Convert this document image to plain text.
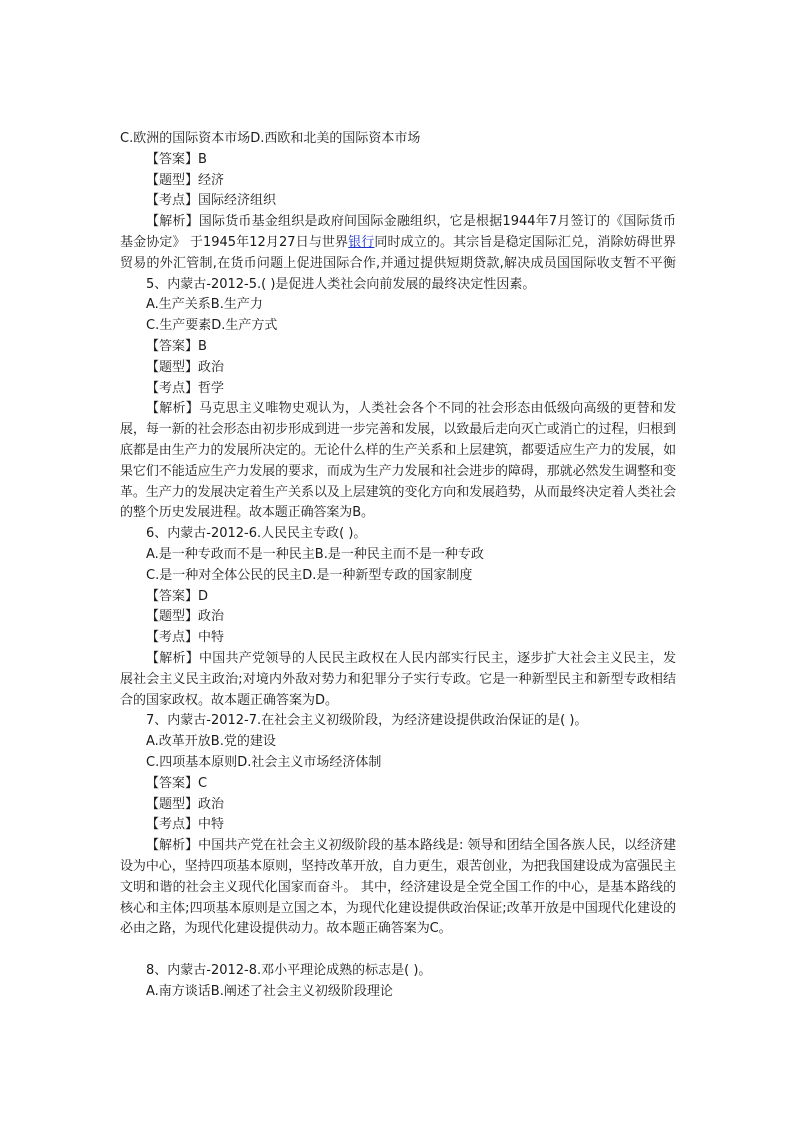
C.欧洲的国际资本市场D.西欧和北美的国际资本市场
【答案】B
【题型】经济
【考点】国际经济组织
【解析】国际货币基金组织是政府间国际金融组织，它是根据1944年7月签订的《国际货币基金协定》 于1945年12月27日与世界银行同时成立的。其宗旨是稳定国际汇兑，消除妨碍世界贸易的外汇管制,在货币问题上促进国际合作,并通过提供短期贷款,解决成员国国际收支暂不平衡
5、内蒙古-2012-5.( )是促进人类社会向前发展的最终决定性因素。
A.生产关系B.生产力
C.生产要素D.生产方式
【答案】B
【题型】政治
【考点】哲学
【解析】马克思主义唯物史观认为，人类社会各个不同的社会形态由低级向高级的更替和发展，每一新的社会形态由初步形成到进一步完善和发展，以致最后走向灭亡或消亡的过程，归根到底都是由生产力的发展所决定的。无论什么样的生产关系和上层建筑，都要适应生产力的发展，如果它们不能适应生产力发展的要求，而成为生产力发展和社会进步的障碍，那就必然发生调整和变革。生产力的发展决定着生产关系以及上层建筑的变化方向和发展趋势，从而最终决定着人类社会的整个历史发展进程。故本题正确答案为B。
6、内蒙古-2012-6.人民民主专政( )。
A.是一种专政而不是一种民主B.是一种民主而不是一种专政
C.是一种对全体公民的民主D.是一种新型专政的国家制度
【答案】D
【题型】政治
【考点】中特
【解析】中国共产党领导的人民民主政权在人民内部实行民主，逐步扩大社会主义民主，发展社会主义民主政治;对境内外敌对势力和犯罪分子实行专政。它是一种新型民主和新型专政相结合的国家政权。故本题正确答案为D。
7、内蒙古-2012-7.在社会主义初级阶段，为经济建设提供政治保证的是( )。
A.改革开放B.党的建设
C.四项基本原则D.社会主义市场经济体制
【答案】C
【题型】政治
【考点】中特
【解析】中国共产党在社会主义初级阶段的基本路线是: 领导和团结全国各族人民，以经济建设为中心，坚持四项基本原则，坚持改革开放，自力更生，艰苦创业，为把我国建设成为富强民主文明和谐的社会主义现代化国家而奋斗。 其中，经济建设是全党全国工作的中心，是基本路线的核心和主体;四项基本原则是立国之本，为现代化建设提供政治保证;改革开放是中国现代化建设的必由之路，为现代化建设提供动力。故本题正确答案为C。
8、内蒙古-2012-8.邓小平理论成熟的标志是( )。
A.南方谈话B.阐述了社会主义初级阶段理论
